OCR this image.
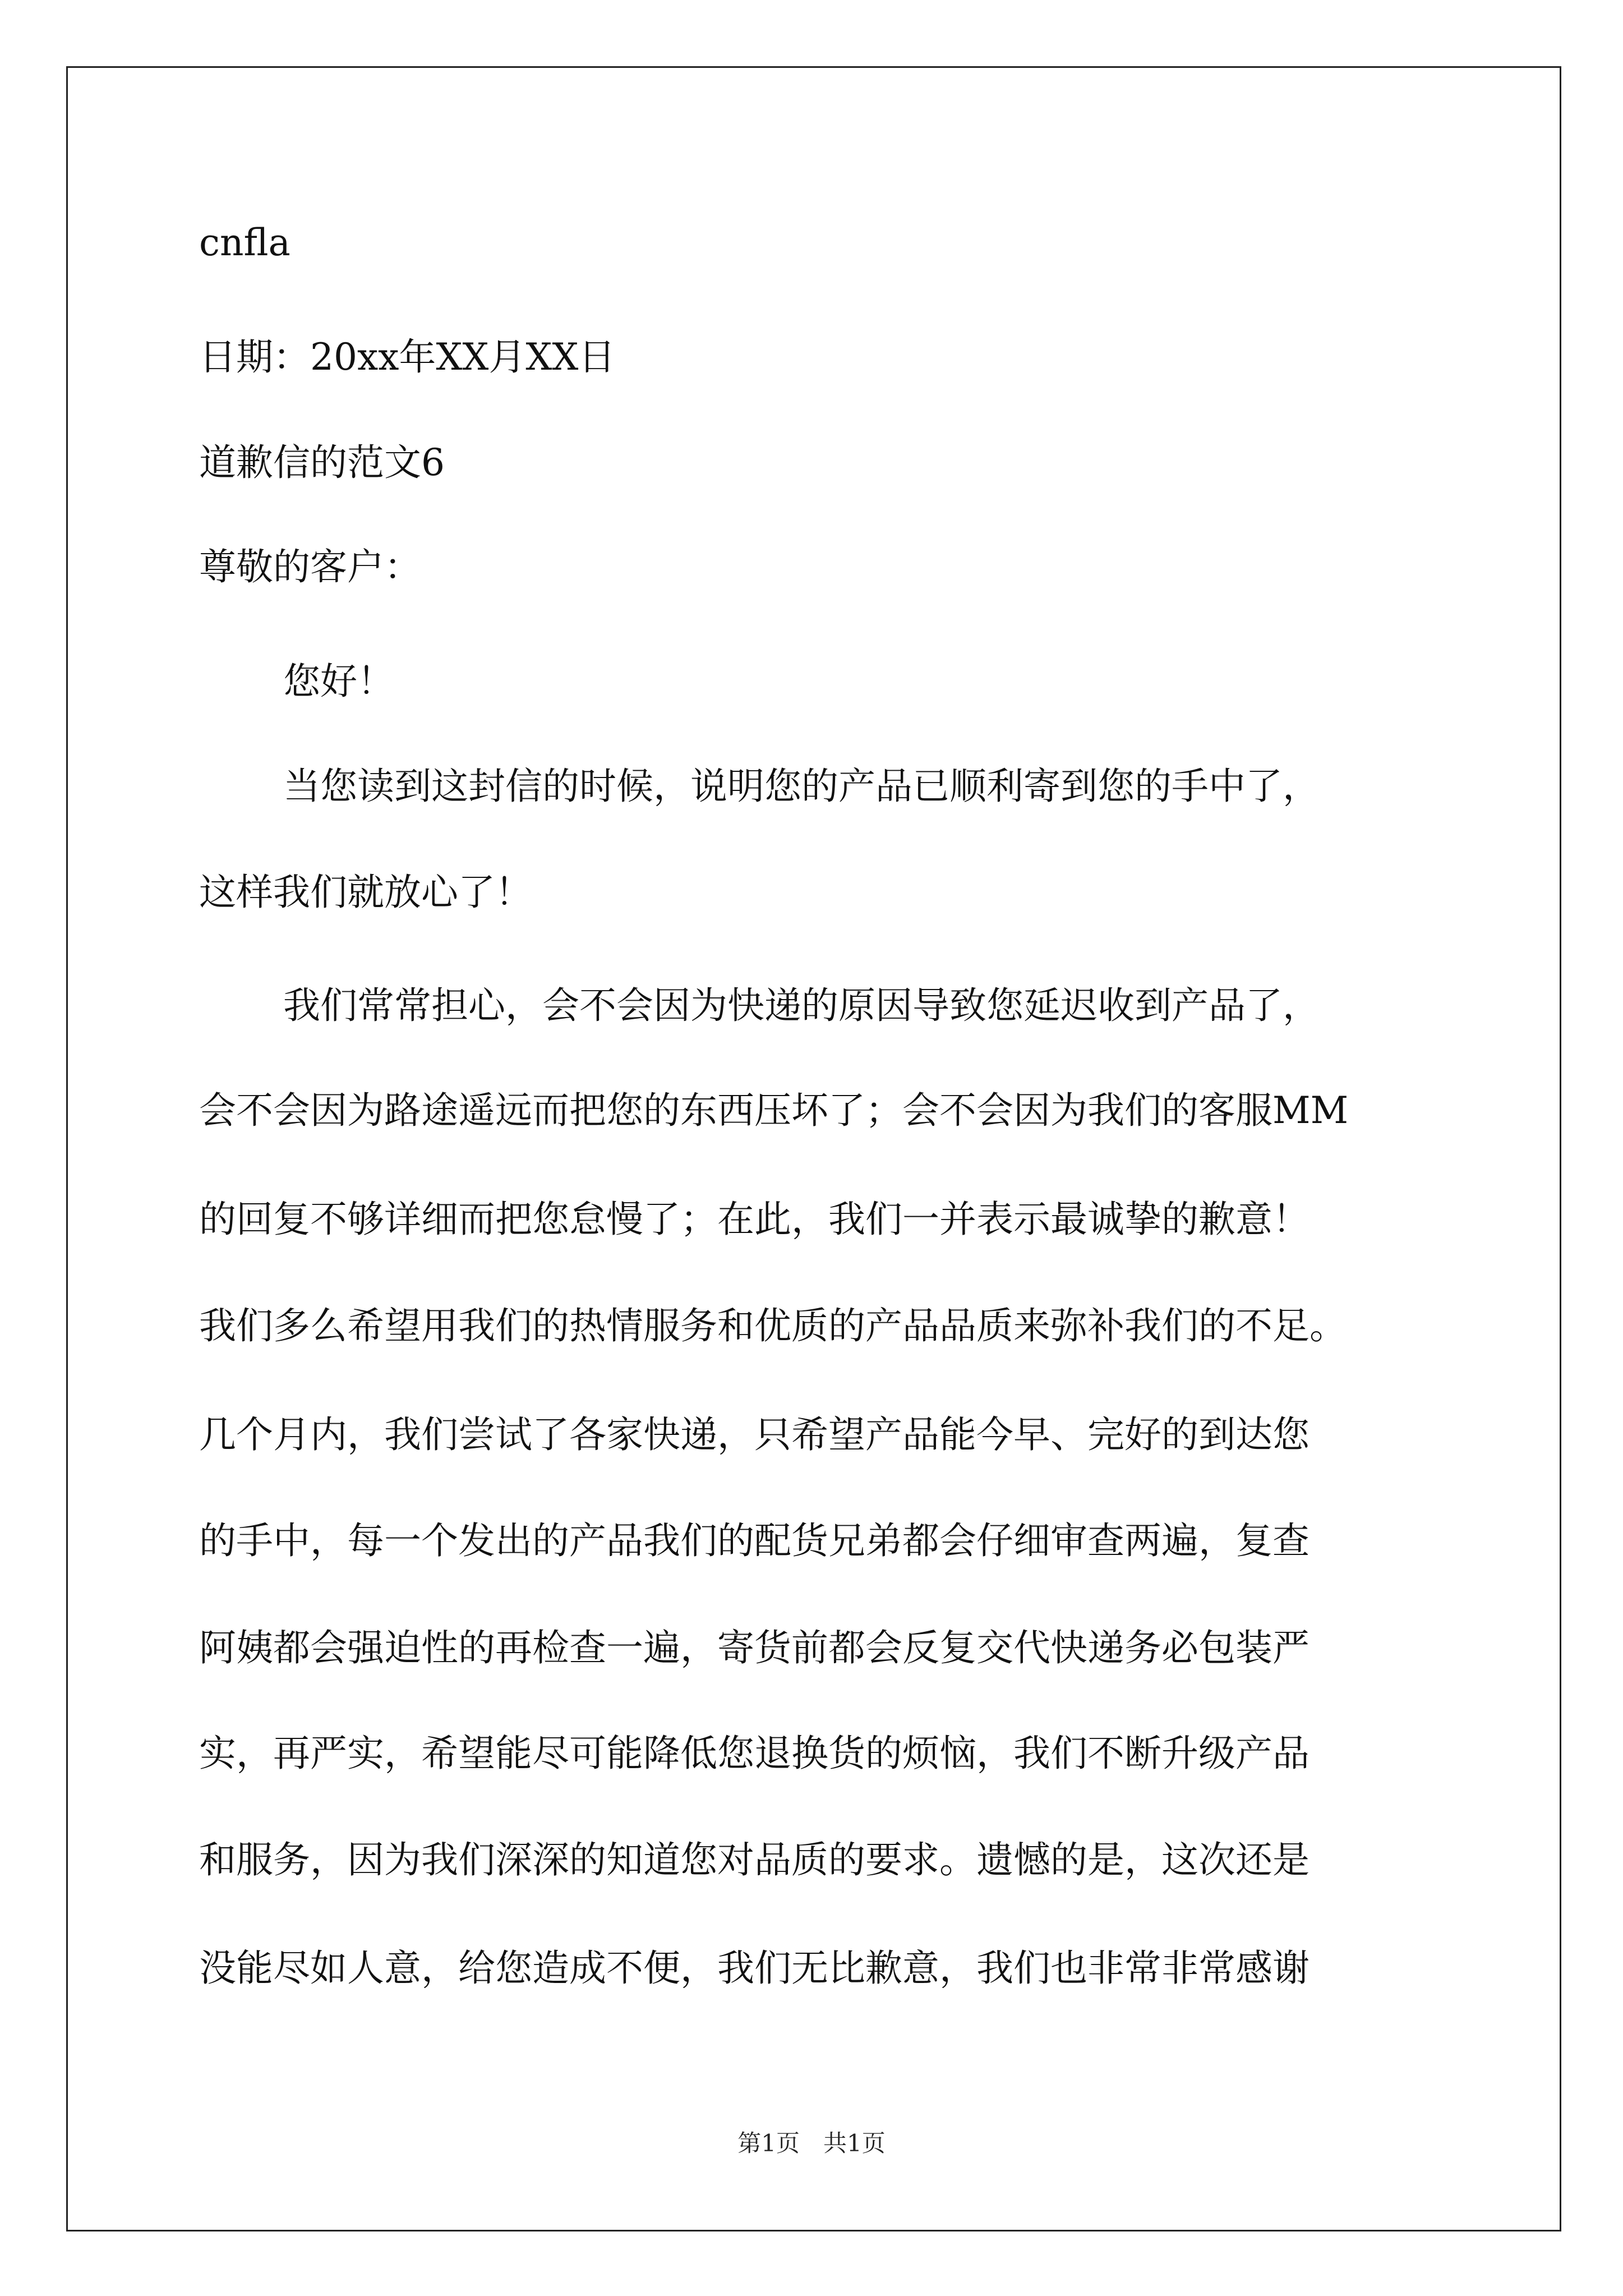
cnfla

日期：20xx年XX月XX日

道歉信的范文6

尊敬的客户：

您好！

当您读到这封信的时候，说明您的产品已顺利寄到您的手中了，

这样我们就放心了！

我们常常担心，会不会因为快递的原因导致您延迟收到产品了，

会不会因为路途遥远而把您的东西压坏了；会不会因为我们的客服MM

的回复不够详细而把您怠慢了；在此，我们一并表示最诚挚的歉意！

我们多么希望用我们的热情服务和优质的产品品质来弥补我们的不足。

几个月内，我们尝试了各家快递，只希望产品能今早、完好的到达您

的手中，每一个发出的产品我们的配货兄弟都会仔细审查两遍，复查

阿姨都会强迫性的再检查一遍，寄货前都会反复交代快递务必包装严

实，再严实，希望能尽可能降低您退换货的烦恼，我们不断升级产品

和服务，因为我们深深的知道您对品质的要求。遗憾的是，这次还是

没能尽如人意，给您造成不便，我们无比歉意，我们也非常非常感谢

第1页　共1页
